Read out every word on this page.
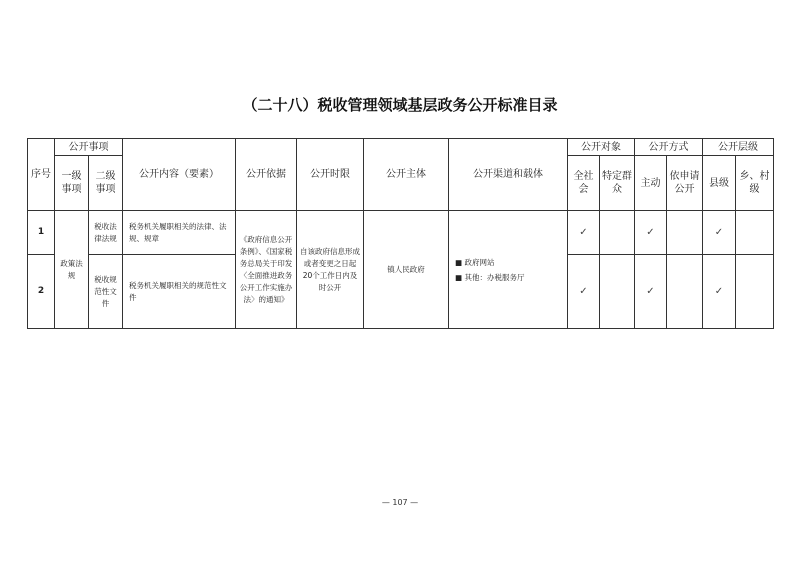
（二十八）税收管理领域基层政务公开标准目录
序号	公开事项		公开内容（要素）	公开依据	公开时限	公开主体	公开渠道和载体	公开对象		公开方式		公开层级	
	一级事项	二级事项						全社会	特定群众	主动	依申请公开	县级	乡、村级
1	政策法规	税收法律法规	税务机关履职相关的法律、法规、规章	《政府信息公开条例》、《国家税务总局关于印发〈全面推进政务公开工作实施办法〉的通知》	自该政府信息形成或者变更之日起20个工作日内及时公开	镇人民政府	■ 政府网站
■ 其他：办税服务厅	✓		✓		✓	
2		税收规范性文件	税务机关履职相关的规范性文件					✓		✓		✓	
— 107 —
